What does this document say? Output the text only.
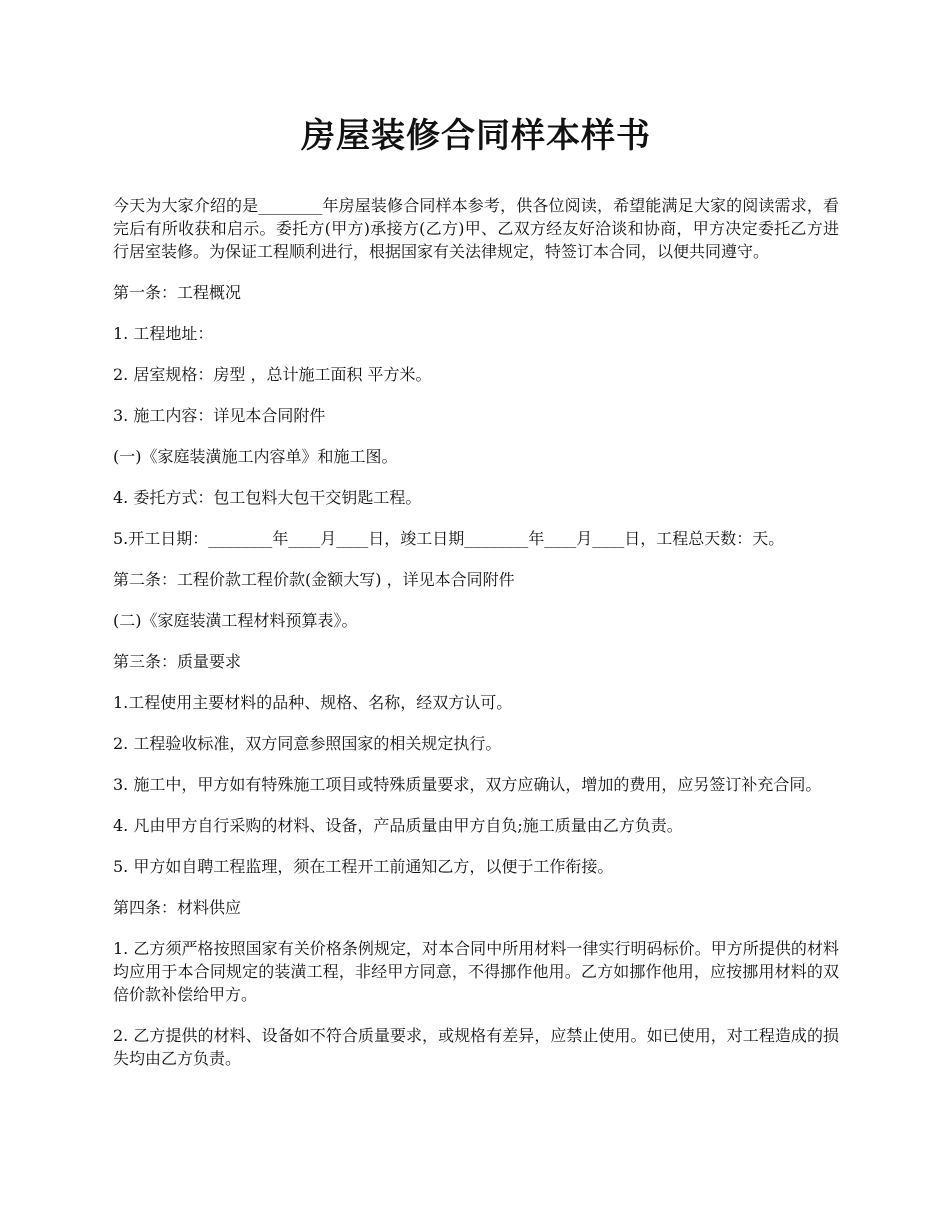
房屋装修合同样本样书

今天为大家介绍的是________年房屋装修合同样本参考，供各位阅读，希望能满足大家的阅读需求，看完后有所收获和启示。委托方(甲方)承接方(乙方)甲、乙双方经友好洽谈和协商，甲方决定委托乙方进行居室装修。为保证工程顺利进行，根据国家有关法律规定，特签订本合同，以便共同遵守。

第一条：工程概况

1. 工程地址：

2. 居室规格：房型 ，总计施工面积 平方米。

3. 施工内容：详见本合同附件

(一)《家庭装潢施工内容单》和施工图。

4. 委托方式：包工包料大包干交钥匙工程。

5.开工日期：________年____月____日，竣工日期________年____月____日，工程总天数：天。

第二条：工程价款工程价款(金额大写) ，详见本合同附件

(二)《家庭装潢工程材料预算表》。

第三条：质量要求

1.工程使用主要材料的品种、规格、名称，经双方认可。

2. 工程验收标准，双方同意参照国家的相关规定执行。

3. 施工中，甲方如有特殊施工项目或特殊质量要求，双方应确认，增加的费用，应另签订补充合同。

4. 凡由甲方自行采购的材料、设备，产品质量由甲方自负;施工质量由乙方负责。

5. 甲方如自聘工程监理，须在工程开工前通知乙方，以便于工作衔接。

第四条：材料供应

1. 乙方须严格按照国家有关价格条例规定，对本合同中所用材料一律实行明码标价。甲方所提供的材料均应用于本合同规定的装潢工程，非经甲方同意，不得挪作他用。乙方如挪作他用，应按挪用材料的双倍价款补偿给甲方。

2. 乙方提供的材料、设备如不符合质量要求，或规格有差异，应禁止使用。如已使用，对工程造成的损失均由乙方负责。
